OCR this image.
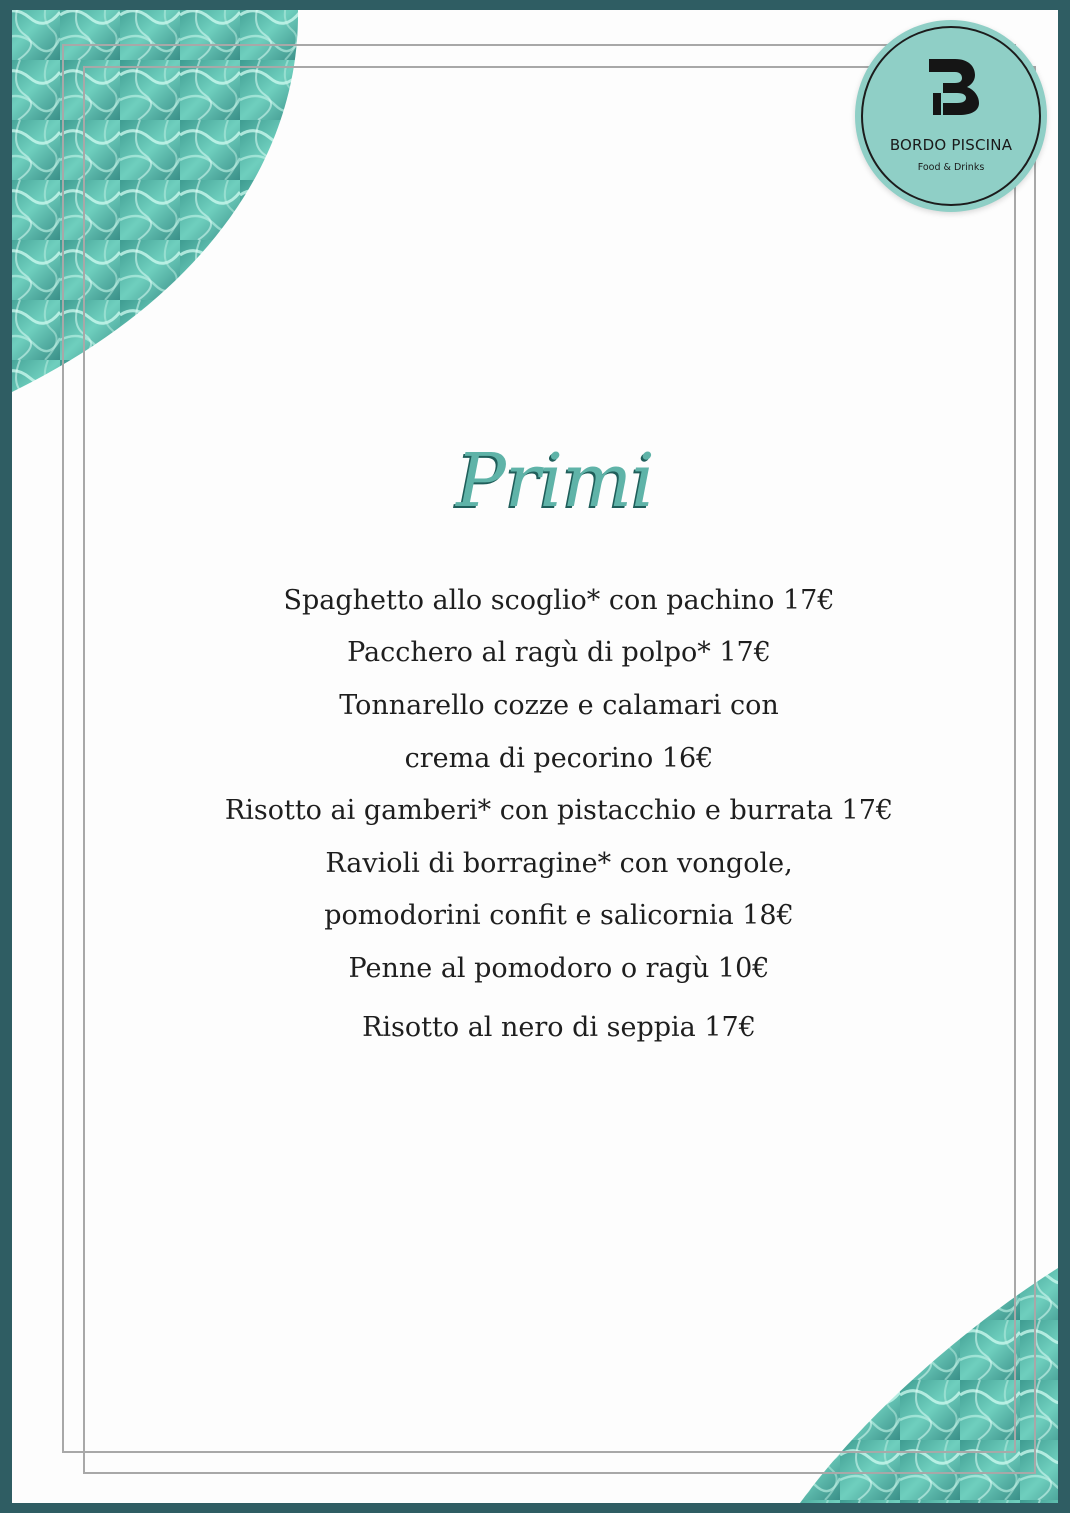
BORDO PISCINA
Food & Drinks
Primi
Spaghetto allo scoglio* con pachino 17€
Pacchero al ragù di polpo* 17€
Tonnarello cozze e calamari con
crema di pecorino 16€
Risotto ai gamberi* con pistacchio e burrata 17€
Ravioli di borragine* con vongole,
pomodorini confit e salicornia 18€
Penne al pomodoro o ragù 10€
Risotto al nero di seppia 17€
